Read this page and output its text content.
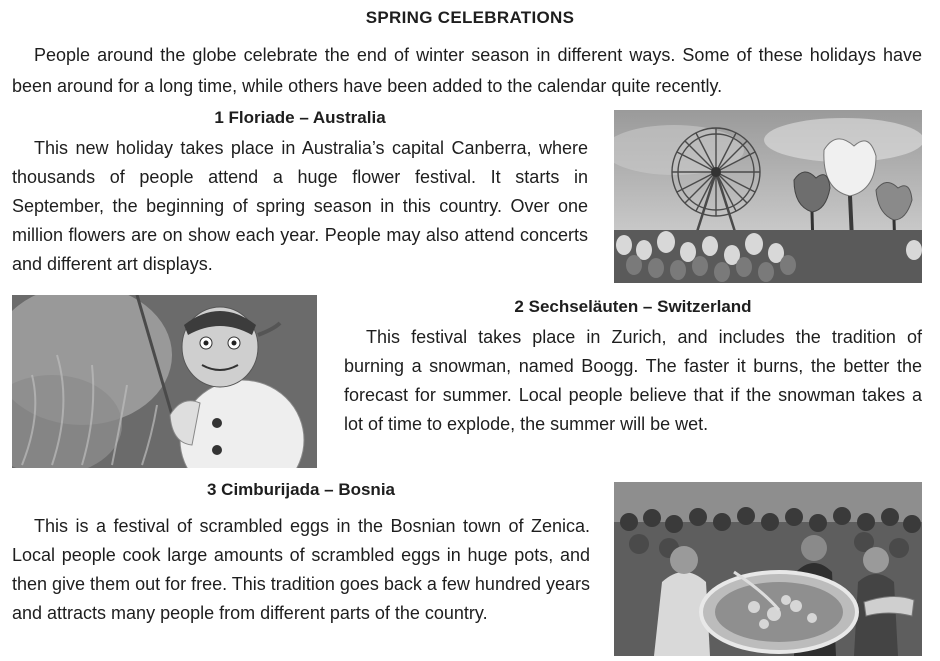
SPRING CELEBRATIONS

People around the globe celebrate the end of winter season in different ways. Some of these holidays have been around for a long time, while others have been added to the calendar quite recently.

1 Floriade – Australia

This new holiday takes place in Australia’s capital Canberra, where thousands of people attend a huge flower festival. It starts in September, the beginning of spring season in this country. Over one million flowers are on show each year. People may also attend concerts and different art displays.

2 Sechseläuten – Switzerland

This festival takes place in Zurich, and includes the tradition of burning a snowman, named Boogg. The faster it burns, the better the forecast for summer. Local people believe that if the snowman takes a lot of time to explode, the summer will be wet.

3 Cimburijada – Bosnia

This is a festival of scrambled eggs in the Bosnian town of Zenica. Local people cook large amounts of scrambled eggs in huge pots, and then give them out for free. This tradition goes back a few hundred years and attracts many people from different parts of the country.
